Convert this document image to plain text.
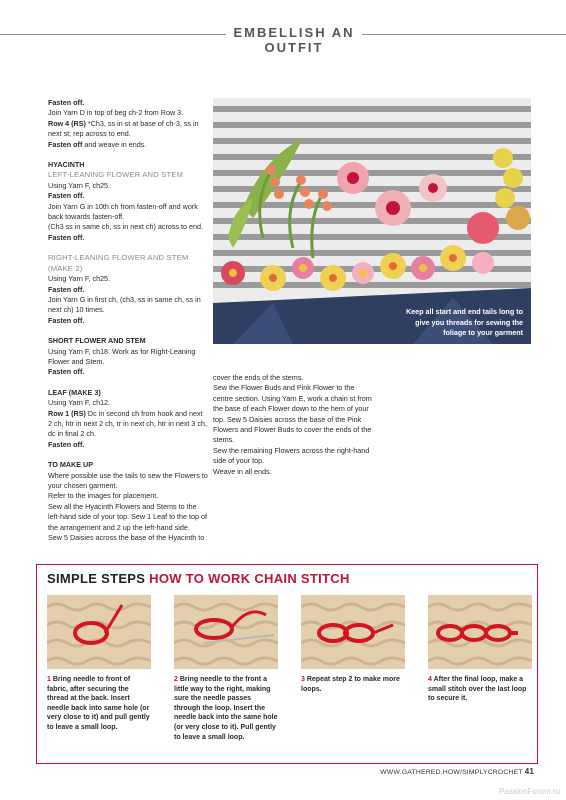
EMBELLISH AN OUTFIT

Fasten off.

Join Yarn D in top of beg ch-2 from Row 3.

Row 4 (RS) *Ch3, ss in st at base of ch-3, ss in next st; rep across to end.

Fasten off and weave in ends.

HYACINTH

LEFT-LEANING FLOWER AND STEM

Using Yarn F, ch25.

Fasten off.

Join Yarn G in 10th ch from fasten-off and work back towards fasten-off.

(Ch3 ss in same ch, ss in next ch) across to end.

Fasten off.

RIGHT-LEANING FLOWER AND STEM (MAKE 2)

Using Yarn F, ch25.

Fasten off.

Join Yarn G in first ch, (ch3, ss in same ch, ss in next ch) 10 times.

Fasten off.

SHORT FLOWER AND STEM

Using Yarn F, ch18. Work as for Right-Leaning Flower and Stem.

Fasten off.

LEAF (MAKE 3)

Using Yarn F, ch12.

Row 1 (RS) Dc in second ch from hook and next 2 ch, htr in next 2 ch, tr in next ch, htr in next 3 ch, dc in final 2 ch.

Fasten off.

TO MAKE UP

Where possible use the tails to sew the Flowers to your chosen garment.

Refer to the images for placement.

Sew all the Hyacinth Flowers and Stems to the left-hand side of your top. Sew 1 Leaf to the top of the arrangement and 2 up the left-hand side.

Sew 5 Daisies across the base of the Hyacinth to

Keep all start and end tails long to give you threads for sewing the foliage to your garment

cover the ends of the stems.

Sew the Flower Buds and Pink Flower to the centre section. Using Yarn E, work a chain st from the base of each Flower down to the hem of your top. Sew 5 Daisies across the base of the Pink Flowers and Flower Buds to cover the ends of the stems.

Sew the remaining Flowers across the right-hand side of your top.

Weave in all ends.

SIMPLE STEPS HOW TO WORK CHAIN STITCH
1 Bring needle to front of fabric, after securing the thread at the back. Insert needle back into same hole (or very close to it) and pull gently to leave a small loop.
2 Bring needle to the front a little way to the right, making sure the needle passes through the loop. Insert the needle back into the same hole (or very close to it). Pull gently to leave a small loop.
3 Repeat step 2 to make more loops.
4 After the final loop, make a small stitch over the last loop to secure it.
WWW.GATHERED.HOW/SIMPLYCROCHET 41
PassionForum.ru
